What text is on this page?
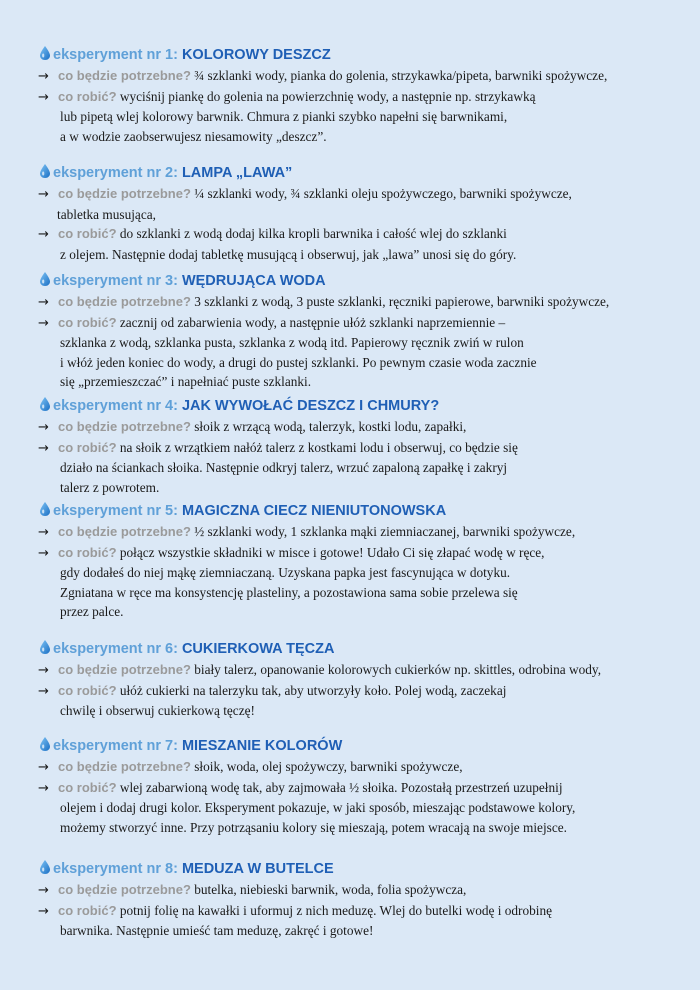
eksperyment nr 1: KOLOROWY DESZCZ
→ co będzie potrzebne? ¾ szklanki wody, pianka do golenia, strzykawka/pipeta, barwniki spożywcze,
→ co robić? wyciśnij piankę do golenia na powierzchnię wody, a następnie np. strzykawką
lub pipetą wlej kolorowy barwnik. Chmura z pianki szybko napełni się barwnikami,
a w wodzie zaobserwujesz niesamowity „deszcz”.
eksperyment nr 2: LAMPA „LAWA”
→ co będzie potrzebne? ¼ szklanki wody, ¾ szklanki oleju spożywczego, barwniki spożywcze,
tabletka musująca,
→ co robić? do szklanki z wodą dodaj kilka kropli barwnika i całość wlej do szklanki
z olejem. Następnie dodaj tabletkę musującą i obserwuj, jak „lawa” unosi się do góry.
eksperyment nr 3: WĘDRUJĄCA WODA
→ co będzie potrzebne? 3 szklanki z wodą, 3 puste szklanki, ręczniki papierowe, barwniki spożywcze,
→ co robić? zacznij od zabarwienia wody, a następnie ułóż szklanki naprzemiennie –
szklanka z wodą, szklanka pusta, szklanka z wodą itd. Papierowy ręcznik zwiń w rulon
i włóż jeden koniec do wody, a drugi do pustej szklanki. Po pewnym czasie woda zacznie
się „przemieszczać” i napełniać puste szklanki.
eksperyment nr 4: JAK WYWOŁAĆ DESZCZ I CHMURY?
→ co będzie potrzebne? słoik z wrzącą wodą, talerzyk, kostki lodu, zapałki,
→ co robić? na słoik z wrzątkiem nałóż talerz z kostkami lodu i obserwuj, co będzie się
działo na ściankach słoika. Następnie odkryj talerz, wrzuć zapaloną zapałkę i zakryj
talerz z powrotem.
eksperyment nr 5: MAGICZNA CIECZ NIENIUTONOWSKA
→ co będzie potrzebne? ½ szklanki wody, 1 szklanka mąki ziemniaczanej, barwniki spożywcze,
→ co robić? połącz wszystkie składniki w misce i gotowe! Udało Ci się złapać wodę w ręce,
gdy dodałeś do niej mąkę ziemniaczaną. Uzyskana papka jest fascynująca w dotyku.
Zgniatana w ręce ma konsystencję plasteliny, a pozostawiona sama sobie przelewa się
przez palce.
eksperyment nr 6: CUKIERKOWA TĘCZA
→ co będzie potrzebne? biały talerz, opanowanie kolorowych cukierków np. skittles, odrobina wody,
→ co robić? ułóż cukierki na talerzyku tak, aby utworzyły koło. Polej wodą, zaczekaj
chwilę i obserwuj cukierkową tęczę!
eksperyment nr 7: MIESZANIE KOLORÓW
→ co będzie potrzebne? słoik, woda, olej spożywczy, barwniki spożywcze,
→ co robić? wlej zabarwioną wodę tak, aby zajmowała ½ słoika. Pozostałą przestrzeń uzupełnij
olejem i dodaj drugi kolor. Eksperyment pokazuje, w jaki sposób, mieszając podstawowe kolory,
możemy stworzyć inne. Przy potrząsaniu kolory się mieszają, potem wracają na swoje miejsce.
eksperyment nr 8: MEDUZA W BUTELCE
→ co będzie potrzebne? butelka, niebieski barwnik, woda, folia spożywcza,
→ co robić? potnij folię na kawałki i uformuj z nich meduzę. Wlej do butelki wodę i odrobinę
barwnika. Następnie umieść tam meduzę, zakręć i gotowe!
